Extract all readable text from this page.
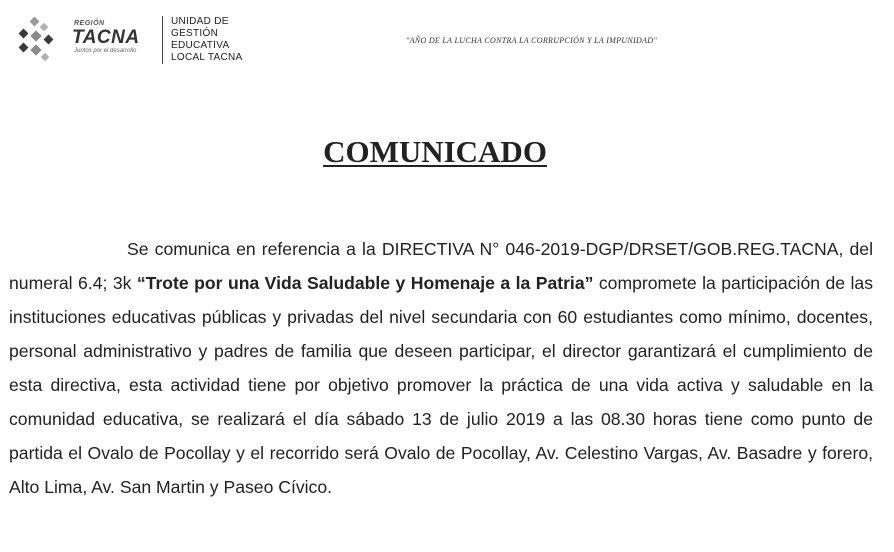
REGIÓN
TACNA
Juntos por el desarrollo
UNIDAD DE
GESTIÓN
EDUCATIVA
LOCAL TACNA
"AÑO DE LA LUCHA CONTRA LA CORRUPCIÓN Y LA IMPUNIDAD"
COMUNICADO
Se comunica en referencia a la DIRECTIVA N° 046-2019-DGP/DRSET/GOB.REG.TACNA, del numeral 6.4; 3k “Trote por una Vida Saludable y Homenaje a la Patria” compromete la participación de las instituciones educativas públicas y privadas del nivel secundaria con 60 estudiantes como mínimo, docentes, personal administrativo y padres de familia que deseen participar, el director garantizará el cumplimiento de esta directiva, esta actividad tiene por objetivo promover la práctica de una vida activa y saludable en la comunidad educativa, se realizará el día sábado 13 de julio 2019 a las 08.30 horas tiene como punto de partida el Ovalo de Pocollay y el recorrido será Ovalo de Pocollay, Av. Celestino Vargas, Av. Basadre y forero, Alto Lima, Av. San Martin y Paseo Cívico.
